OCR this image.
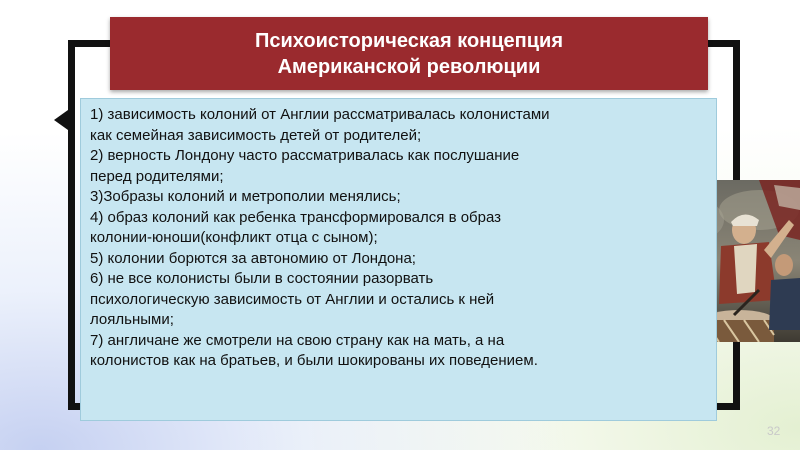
Психоисторическая концепция
Американской революции
1) зависимость колоний от Англии рассматривалась колонистами
как семейная зависимость детей от родителей;
2) верность Лондону часто рассматривалась как послушание
перед родителями;
3)Зобразы колоний и метрополии менялись;
4) образ колоний как ребенка трансформировался в образ
колонии-юноши(конфликт отца с сыном);
5) колонии борются за автономию от Лондона;
6) не все колонисты были в состоянии разорвать
психологическую зависимость от Англии и остались к ней
лояльными;
7) англичане же смотрели на свою страну как на мать, а на
колонистов как на братьев, и были шокированы их поведением.
32
